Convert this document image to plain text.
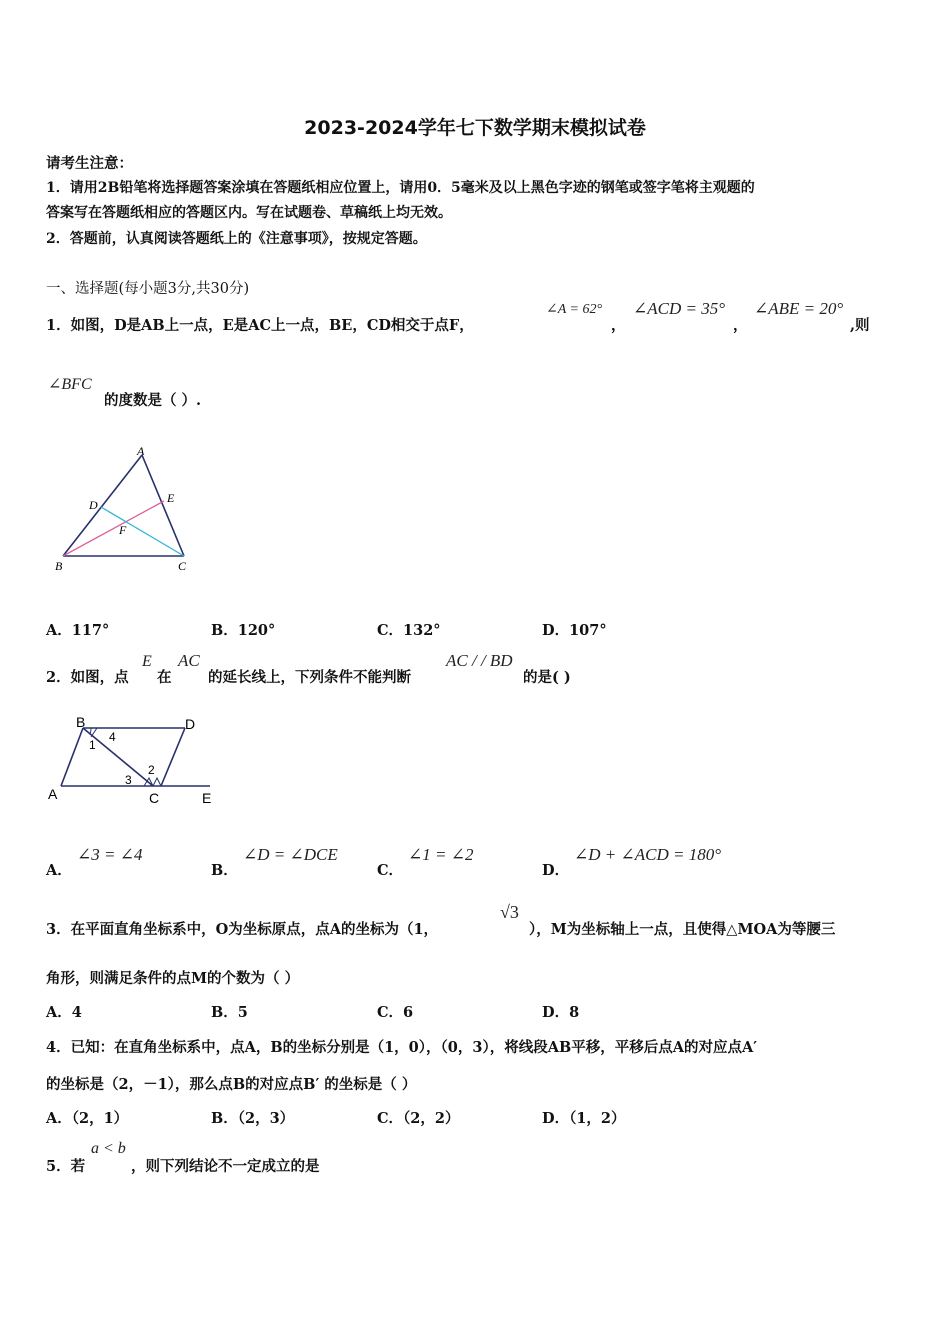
2023-2024学年七下数学期末模拟试卷
请考生注意：
1．请用2B铅笔将选择题答案涂填在答题纸相应位置上，请用0．5毫米及以上黑色字迹的钢笔或签字笔将主观题的
答案写在答题纸相应的答题区内。写在试题卷、草稿纸上均无效。
2．答题前，认真阅读答题纸上的《注意事项》，按规定答题。
一、选择题(每小题3分,共30分)
1．如图，D是AB上一点，E是AC上一点，BE，CD相交于点F，
∠A = 62°
，
∠ACD = 35°
，
∠ABE = 20°
,则
∠BFC
的度数是（ ）.
A
D	E
F
B	C
A．117°	B．120°	C．132°	D．107°
2．如图，点
E
在
AC
的延长线上，下列条件不能判断
AC / / BD
的是( )
B	D
1
4
3
2
A	C	E
A．
∠3 = ∠4
B．
∠D = ∠DCE
C．
∠1 = ∠2
D．
∠D + ∠ACD = 180°
3．在平面直角坐标系中，O为坐标原点，点A的坐标为（1，
√3
），M为坐标轴上一点，且使得△MOA为等腰三
角形，则满足条件的点M的个数为（ ）
A．4	B．5	C．6	D．8
4．已知：在直角坐标系中，点A，B的坐标分别是（1，0），（0，3），将线段AB平移，平移后点A的对应点A′
的坐标是（2，－1），那么点B的对应点B′ 的坐标是（ ）
A．（2，1）	B．（2，3）	C．（2，2）	D．（1，2）
5．若
a < b
，则下列结论不一定成立的是
